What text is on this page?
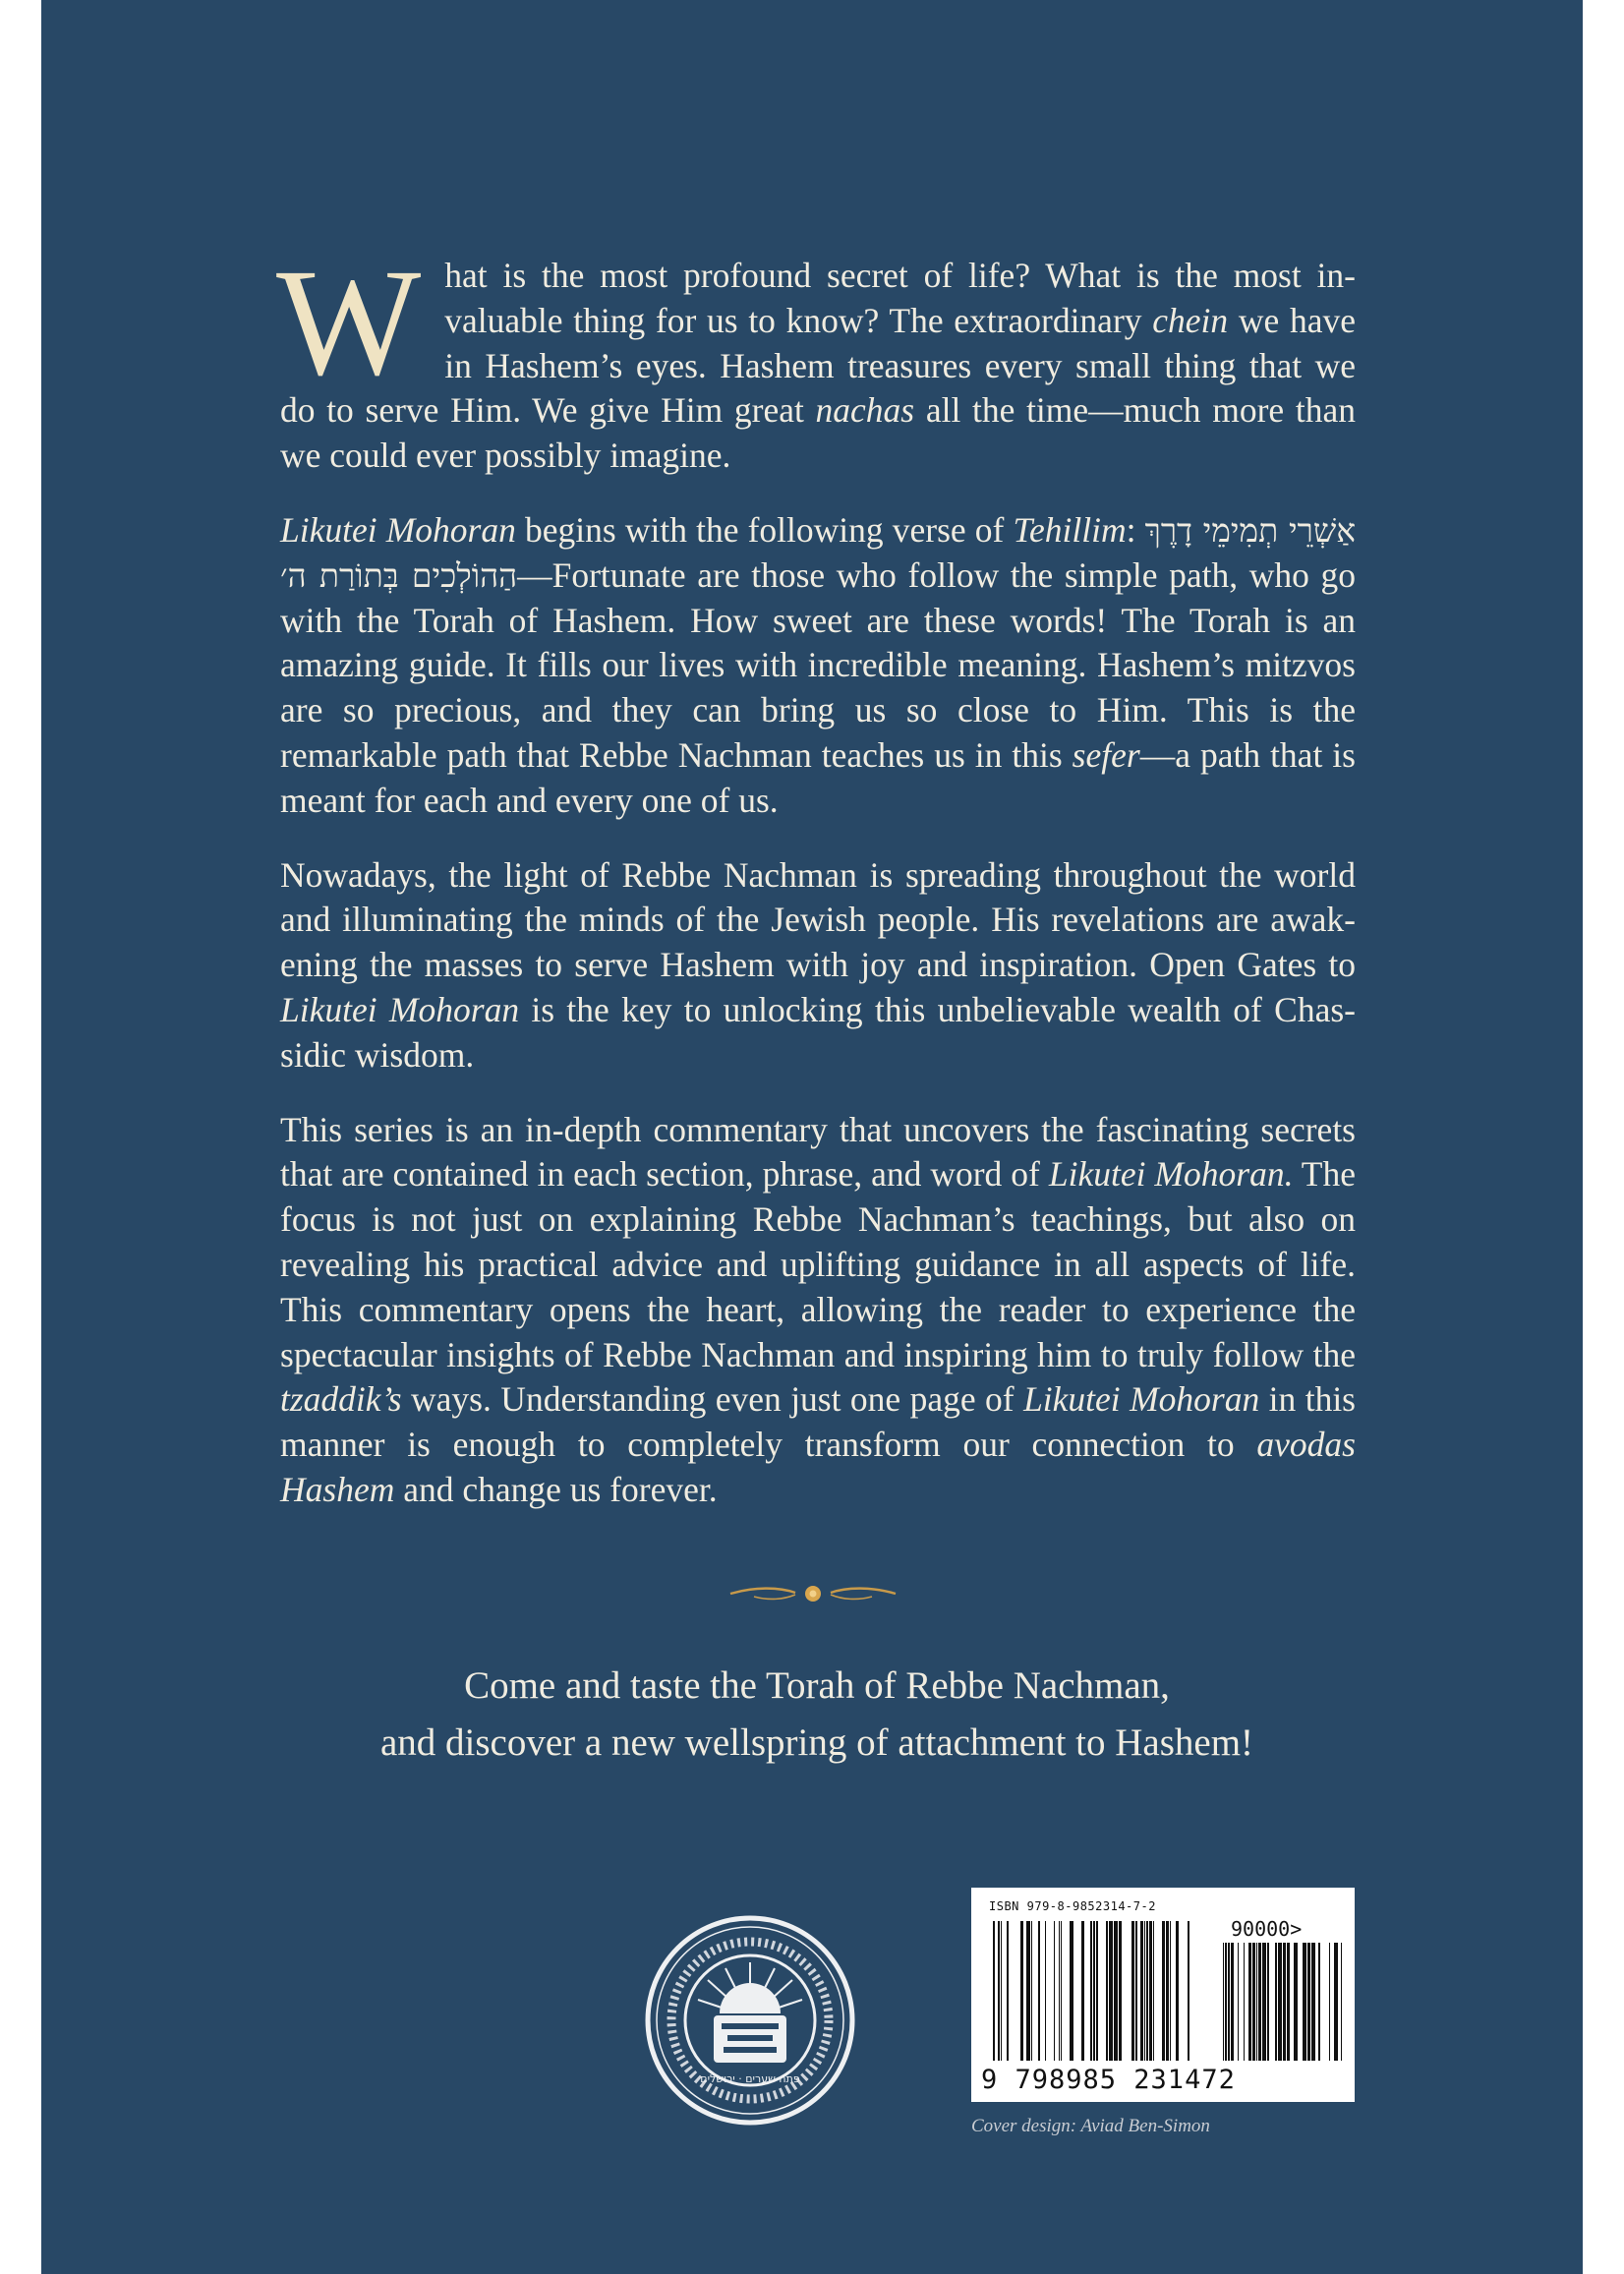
W hat is the most profound secret of life? What is the most invaluable thing for us to know? The extraordinary chein we have in Hashem’s eyes. Hashem treasures every small thing that we do to serve Him. We give Him great nachas all the time—much more than we could ever possibly imagine.

Likutei Mohoran begins with the following verse of Tehillim: אַשְׁרֵי תְמִימֵי דָרֶךְ הַהוֹלְכִים בְּתוֹרַת ה׳—Fortunate are those who follow the simple path, who go with the Torah of Hashem. How sweet are these words! The Torah is an amazing guide. It fills our lives with incredible meaning. Hashem’s mitzvos are so precious, and they can bring us so close to Him. This is the remarkable path that Rebbe Nachman teaches us in this sefer—a path that is meant for each and every one of us.

Nowadays, the light of Rebbe Nachman is spreading throughout the world and illuminating the minds of the Jewish people. His revelations are awakening the masses to serve Hashem with joy and inspiration. Open Gates to Likutei Mohoran is the key to unlocking this unbelievable wealth of Chassidic wisdom.

This series is an in-depth commentary that uncovers the fascinating secrets that are contained in each section, phrase, and word of Likutei Mohoran. The focus is not just on explaining Rebbe Nachman’s teachings, but also on revealing his practical advice and uplifting guidance in all aspects of life. This commentary opens the heart, allowing the reader to experience the spectacular insights of Rebbe Nachman and inspiring him to truly follow the tzaddik’s ways. Understanding even just one page of Likutei Mohoran in this manner is enough to completely transform our connection to avodas Hashem and change us forever.

Come and taste the Torah of Rebbe Nachman,
and discover a new wellspring of attachment to Hashem!
פתח שערים · ירושלים
ISBN 979-8-9852314-7-2
90000>
9 798985 231472
Cover design: Aviad Ben-Simon
